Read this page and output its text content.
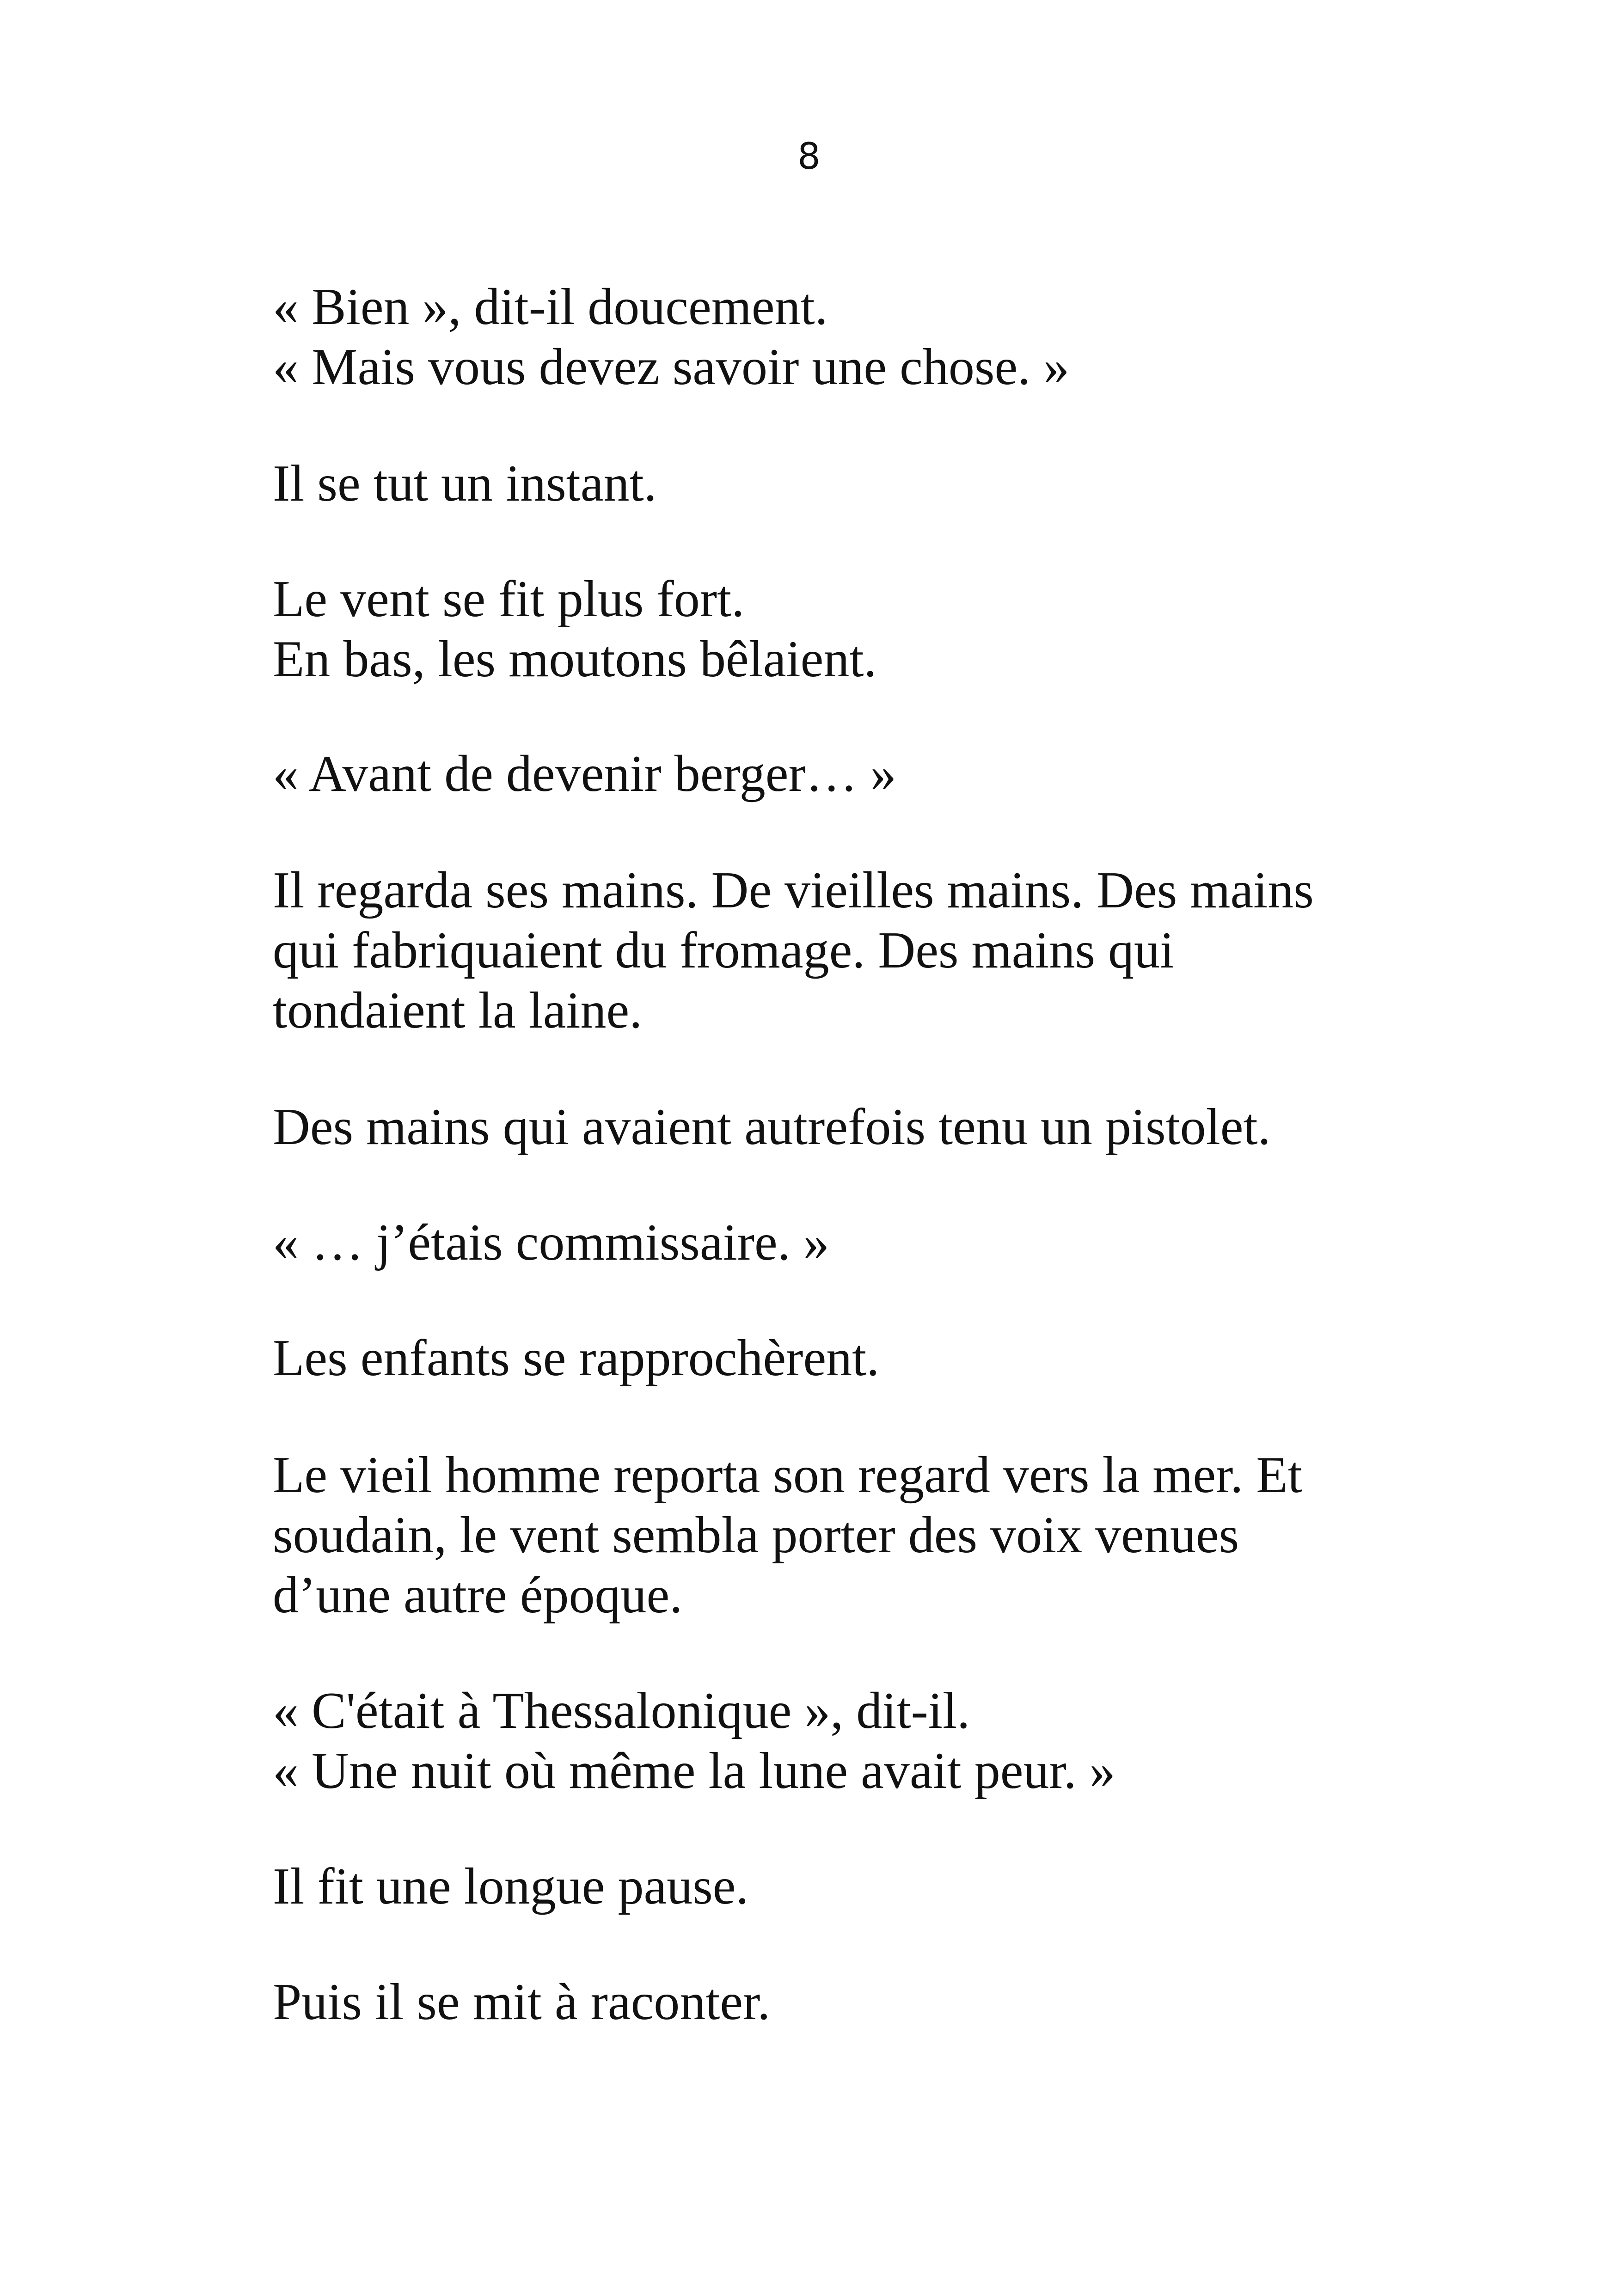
8
« Bien », dit-il doucement.
« Mais vous devez savoir une chose. »
Il se tut un instant.
Le vent se fit plus fort.
En bas, les moutons bêlaient.
« Avant de devenir berger… »
Il regarda ses mains. De vieilles mains. Des mains
qui fabriquaient du fromage. Des mains qui
tondaient la laine.
Des mains qui avaient autrefois tenu un pistolet.
« … j’étais commissaire. »
Les enfants se rapprochèrent.
Le vieil homme reporta son regard vers la mer. Et
soudain, le vent sembla porter des voix venues
d’une autre époque.
« C'était à Thessalonique », dit-il.
« Une nuit où même la lune avait peur. »
Il fit une longue pause.
Puis il se mit à raconter.
